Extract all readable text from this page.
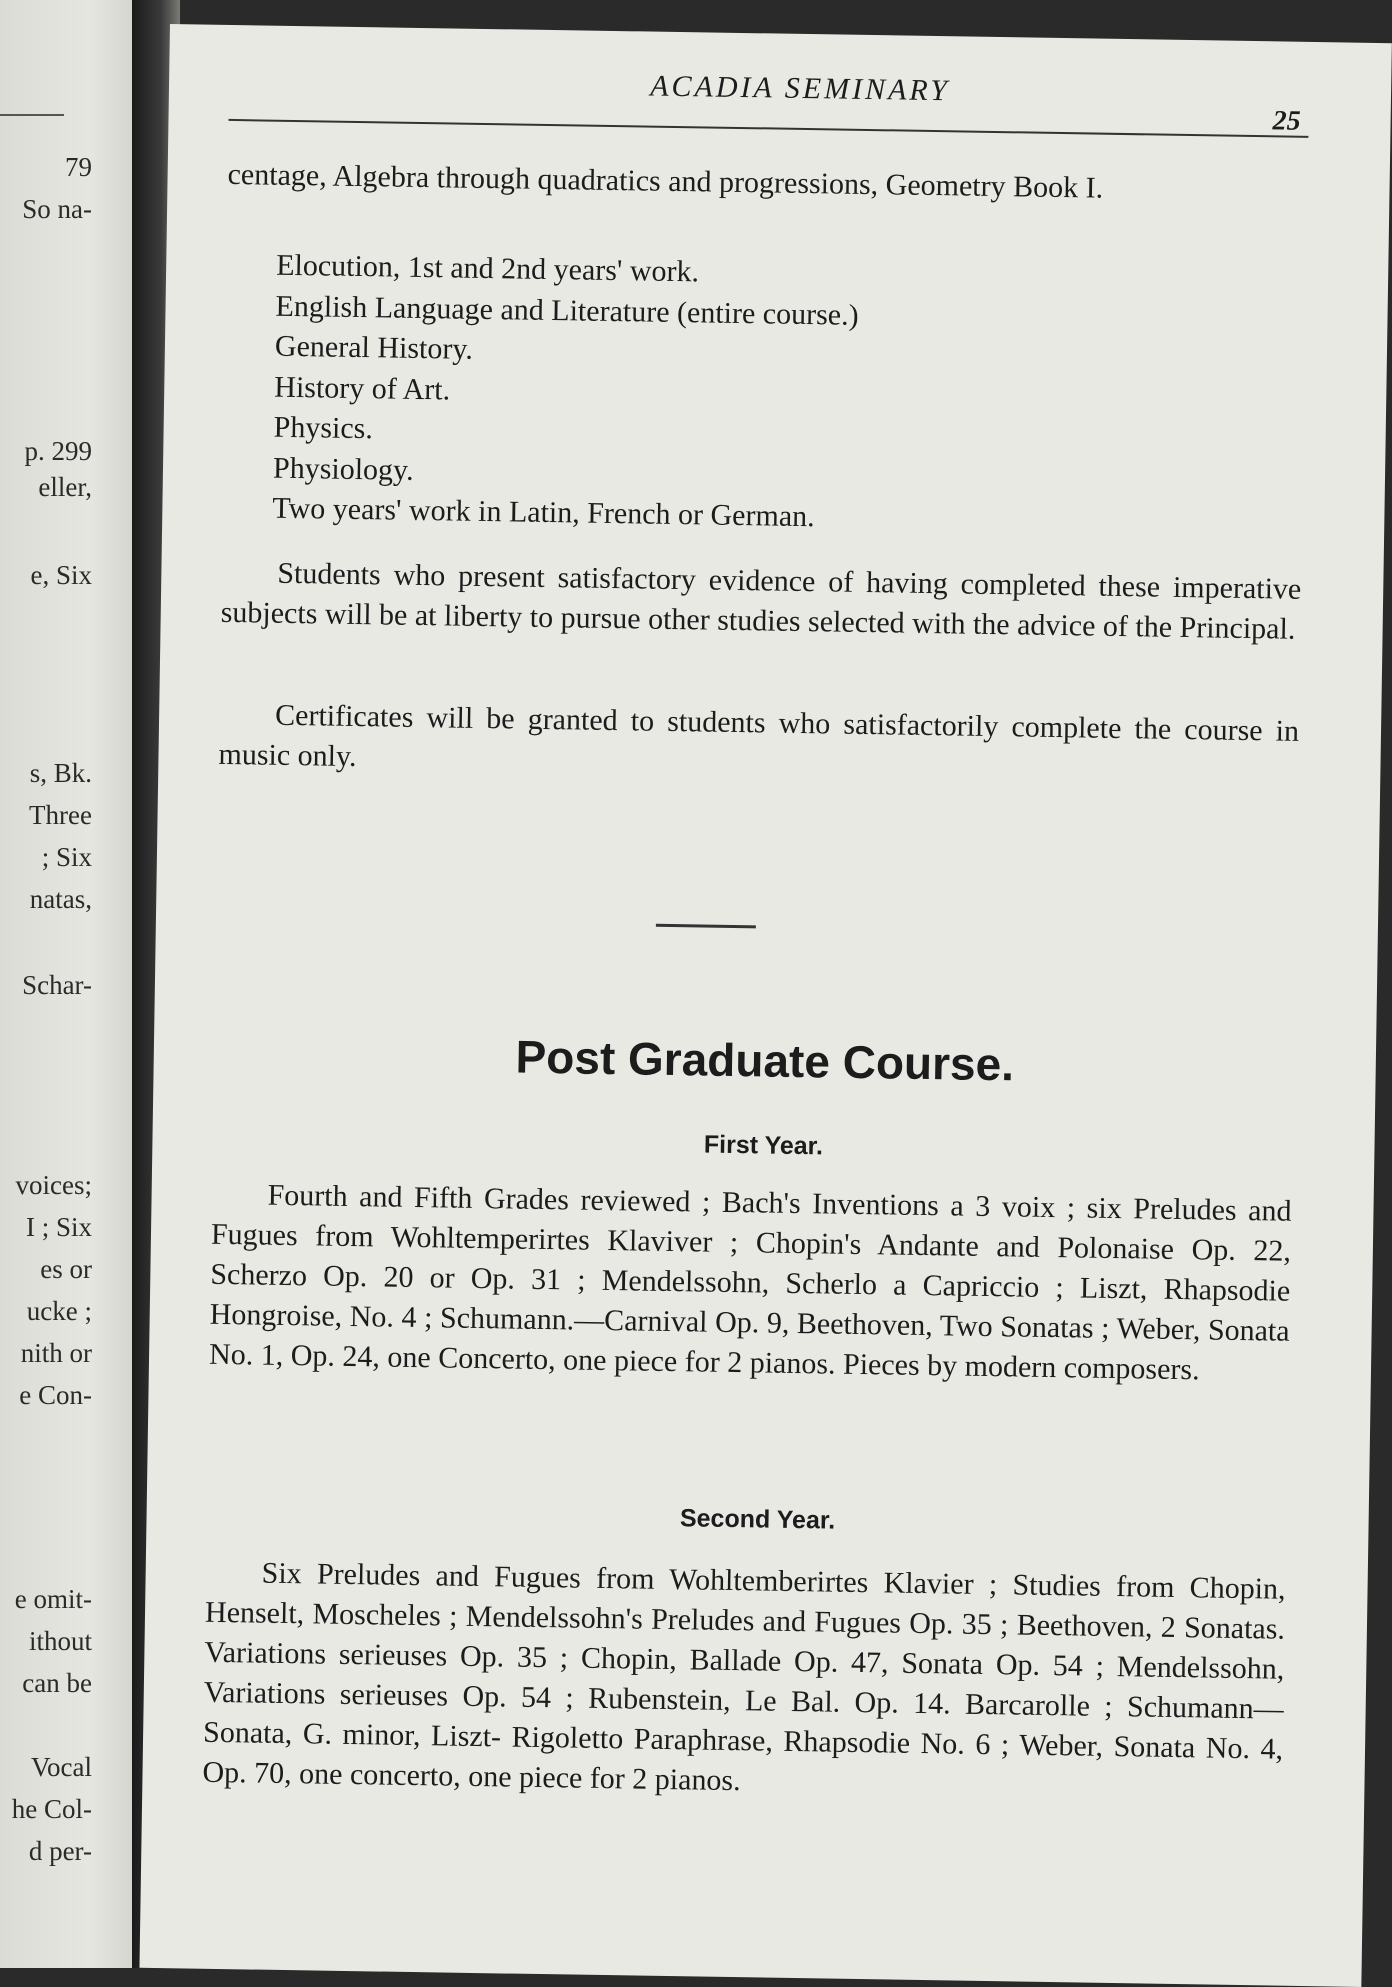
79
So na-
p. 299
eller,
e, Six
s, Bk.
Three
; Six
natas,
Schar-
voices;
I ; Six
es or
ucke ;
nith or
e Con-
e omit-
ithout
can be
Vocal
he Col-
d per-
ACADIA SEMINARY
25
centage, Algebra through quadratics and progressions, Geometry Book I.
Elocution, 1st and 2nd years' work.
English Language and Literature (entire course.)
General History.
History of Art.
Physics.
Physiology.
Two years' work in Latin, French or German.

Students who present satisfactory evidence of having completed these imperative subjects will be at liberty to pursue other studies selected with the advice of the Principal.

Certificates will be granted to students who satisfactorily complete the course in music only.

Post Graduate Course.
First Year.

Fourth and Fifth Grades reviewed ; Bach's Inventions a 3 voix ; six Preludes and Fugues from Wohltemperirtes Klaviver ; Chopin's Andante and Polonaise Op. 22, Scherzo Op. 20 or Op. 31 ; Mendelssohn, Scherlo a Capriccio ; Liszt, Rhapsodie Hongroise, No. 4 ; Schumann.—Carnival Op. 9, Beethoven, Two Sonatas ; Weber, Sonata No. 1, Op. 24, one Concerto, one piece for 2 pianos. Pieces by modern composers.

Second Year.

Six Preludes and Fugues from Wohltemberirtes Klavier ; Studies from Chopin, Henselt, Moscheles ; Mendelssohn's Preludes and Fugues Op. 35 ; Beethoven, 2 Sonatas. Variations serieuses Op. 35 ; Chopin, Ballade Op. 47, Sonata Op. 54 ; Mendelssohn, Variations serieuses Op. 54 ; Rubenstein, Le Bal. Op. 14. Barcarolle ; Schumann—Sonata, G. minor, Liszt- Rigoletto Paraphrase, Rhapsodie No. 6 ; Weber, Sonata No. 4, Op. 70, one concerto, one piece for 2 pianos.
